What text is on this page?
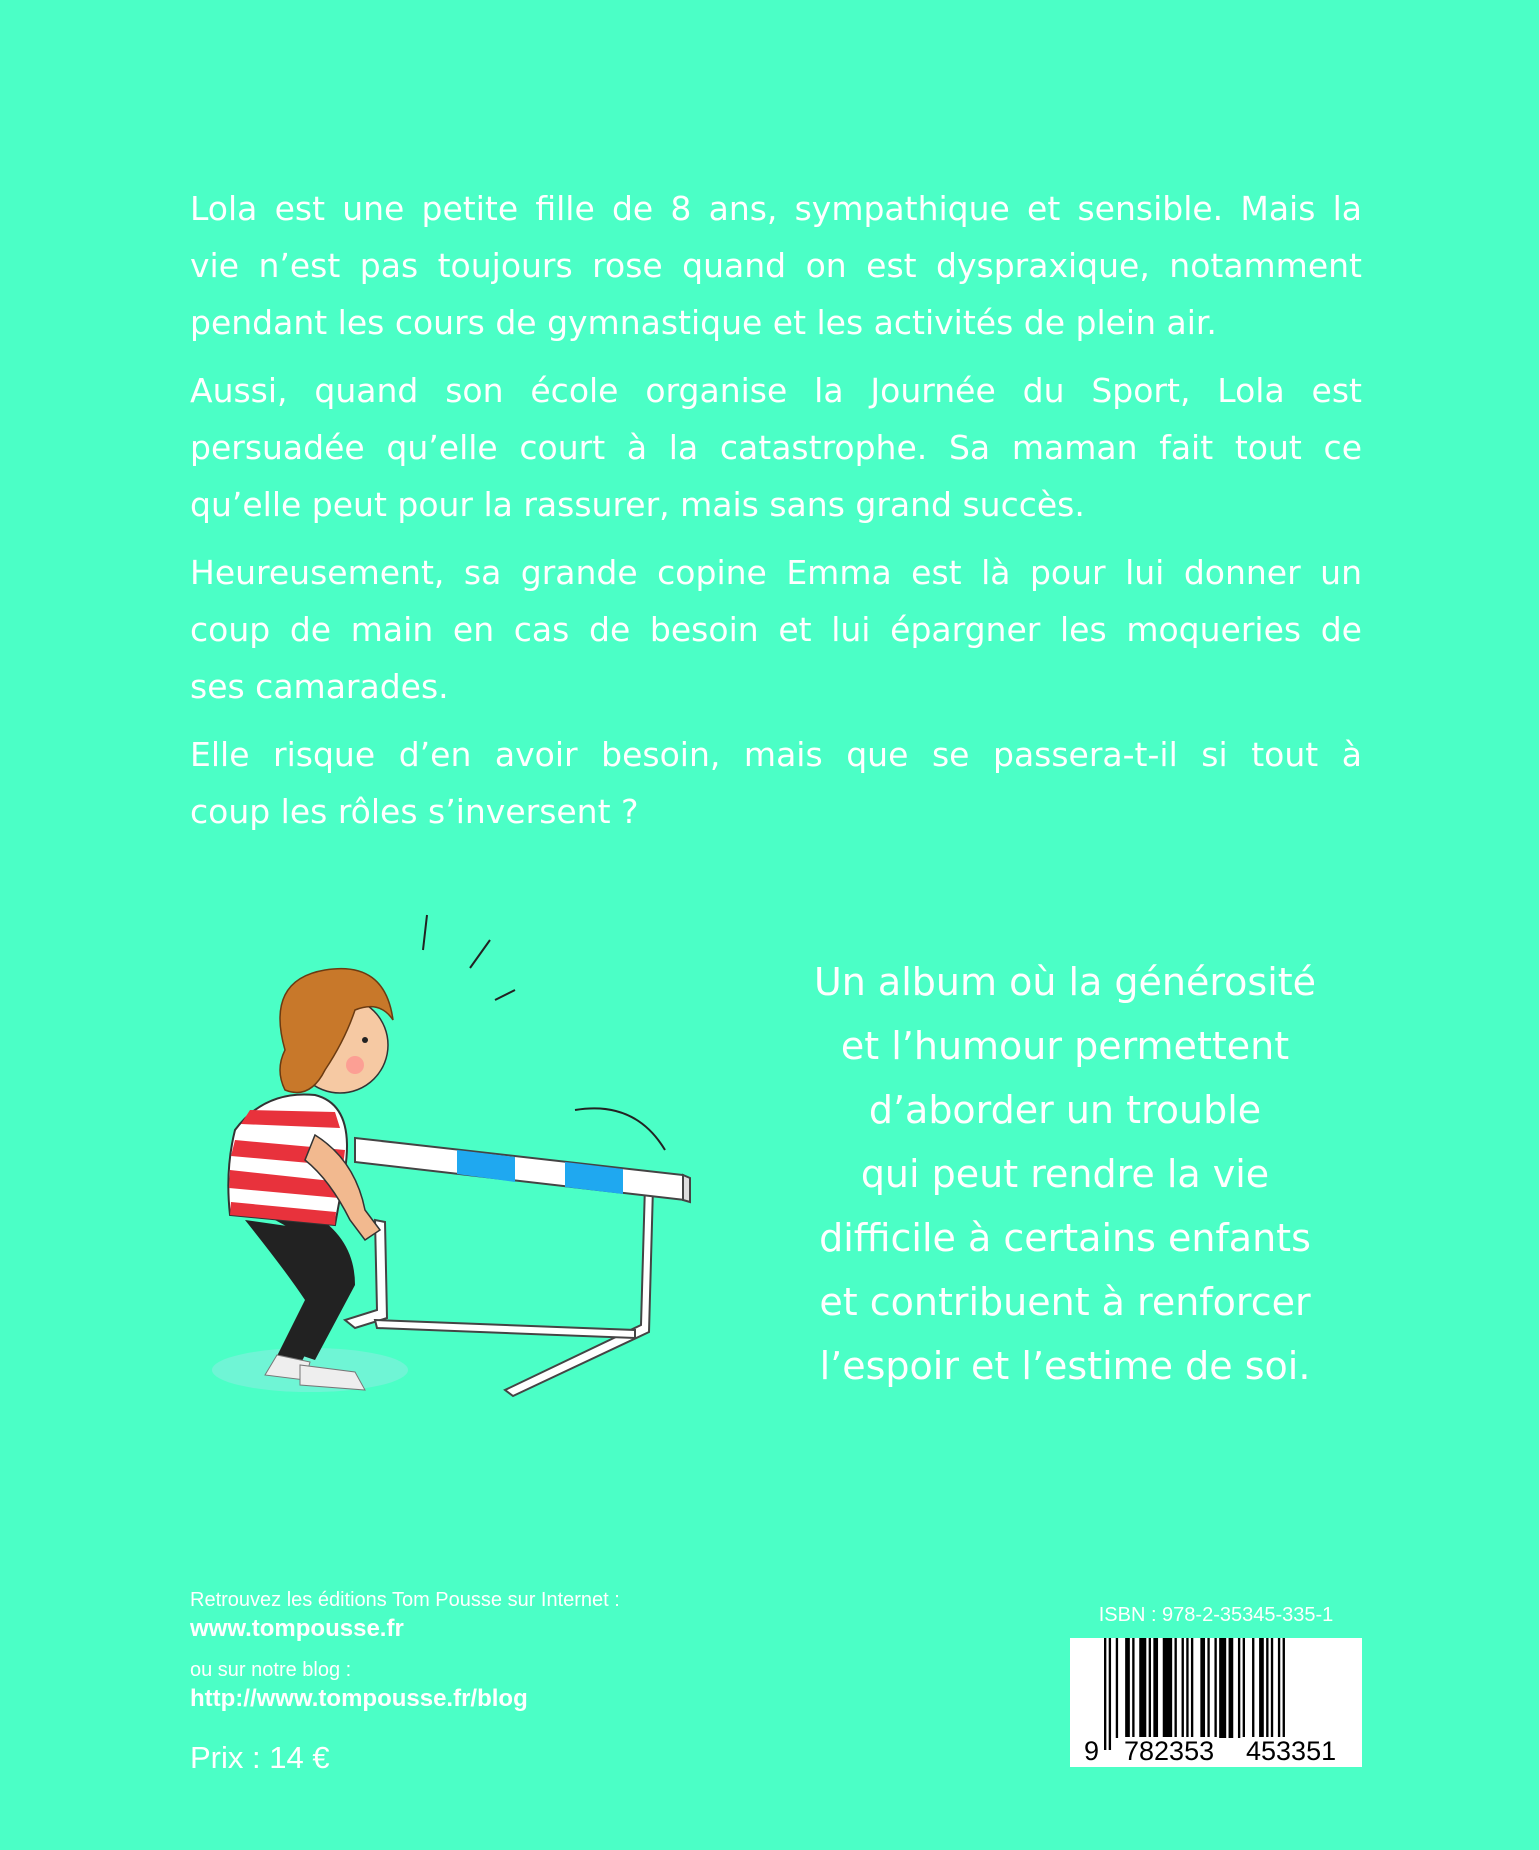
Lola est une petite fille de 8 ans, sympathique et sensible. Mais la
vie n’est pas toujours rose quand on est dyspraxique, notamment
pendant les cours de gymnastique et les activités de plein air.
Aussi, quand son école organise la Journée du Sport, Lola est
persuadée qu’elle court à la catastrophe. Sa maman fait tout ce
qu’elle peut pour la rassurer, mais sans grand succès.
Heureusement, sa grande copine Emma est là pour lui donner un
coup de main en cas de besoin et lui épargner les moqueries de
ses camarades.
Elle risque d’en avoir besoin, mais que se passera-t-il si tout à
coup les rôles s’inversent ?
Un album où la générosité
et l’humour permettent
d’aborder un trouble
qui peut rendre la vie
difficile à certains enfants
et contribuent à renforcer
l’espoir et l’estime de soi.
Retrouvez les éditions Tom Pousse sur Internet :
www.tompousse.fr
ou sur notre blog :
http://www.tompousse.fr/blog
Prix : 14 €
ISBN : 978-2-35345-335-1
9 782353 453351
